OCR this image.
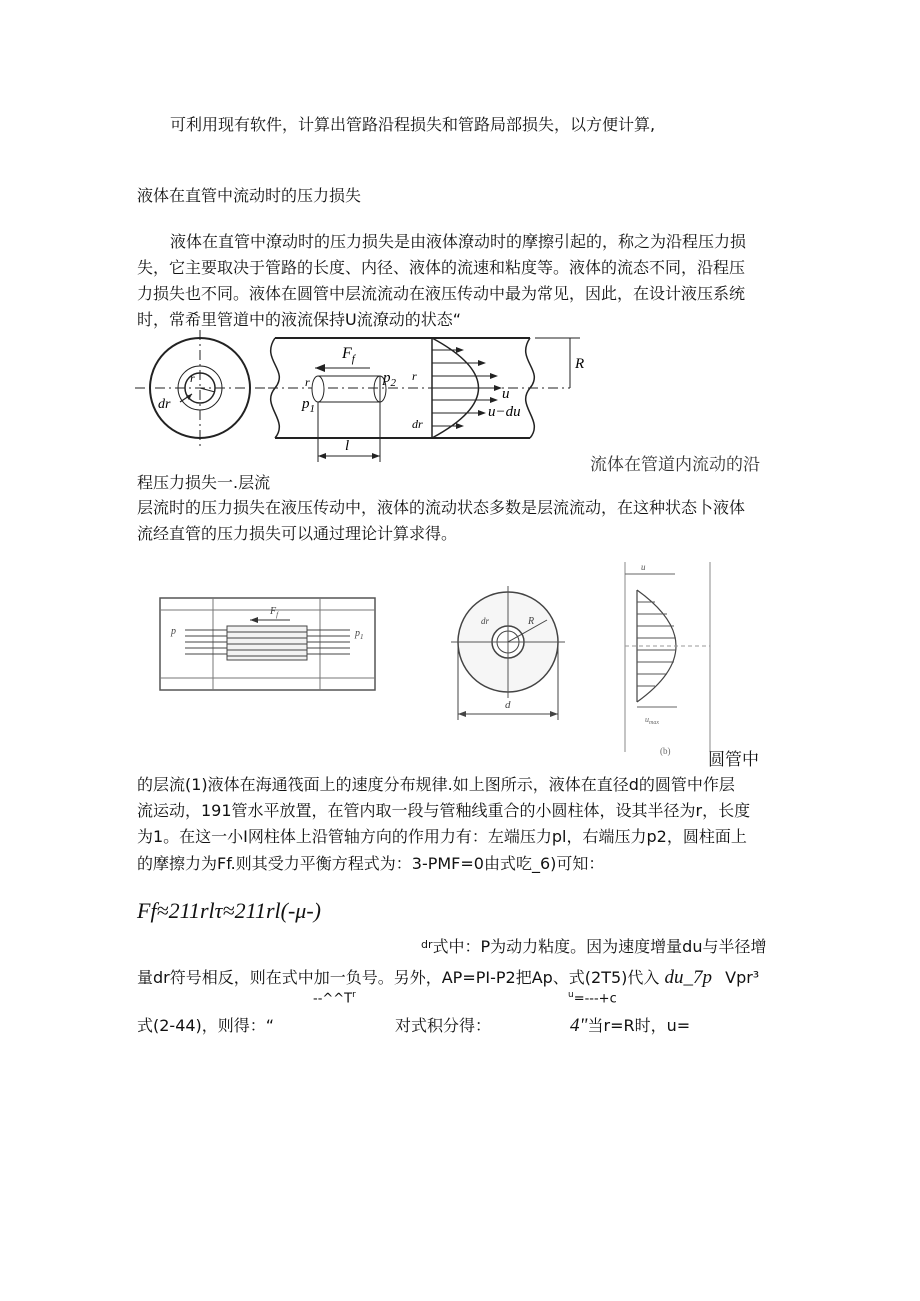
可利用现有软件，计算出管路沿程损失和管路局部损失，以方便计算,
液体在直管中流动时的压力损失
液体在直管中潦动时的压力损失是由液体潦动时的摩擦引起的，称之为沿程压力损
失，它主要取决于管路的长度、内径、液体的流速和粘度等。液体的流态不同，沿程压
力损失也不同。液体在圆管中层流流动在液压传动中最为常见，因此，在设计液压系统
时，常希里管道中的液流保持U流潦动的状态“
r
dr
$F_f$
$p_2$
$p_1$
r
u
u−du
r
dr
R
l
流体在管道内流动的沿
程压力损失一.层流
层流时的压力损失在液压传动中，液体的流动状态多数是层流流动，在这种状态卜液体
流经直管的压力损失可以通过理论计算求得。
$F_f$
p	$p_1$
R
dr
d
u
$u_{max}$
(b) 圆管中
的层流(1)液体在海通筏面上的速度分布规律.如上图所示，液体在直径d的圆管中作层
流运动，191管水平放置，在管内取一段与管釉线重合的小圆柱体，设其半径为r，长度
为1。在这一小Ⅰ网柱体上沿管轴方向的作用力有：左端压力pl，右端压力p2，圆柱面上
的摩擦力为Ff.则其受力平衡方程式为：3-PMF=0由式吃_6)可知：
Ff≈211rlτ≈211rl(-μ-)
$^{dr}$式中：P为动力粘度。因为速度增量du与半径增
量dr符号相反，则在式中加一负号。另外，AP=PI-P2把Ap、式(2T5)代入 du_7p Vpr³
$--\^{}\^{}T^r$	$^u$=---+c
式(2-44)，则得：“	对式积分得：	4"当r=R时，u=
